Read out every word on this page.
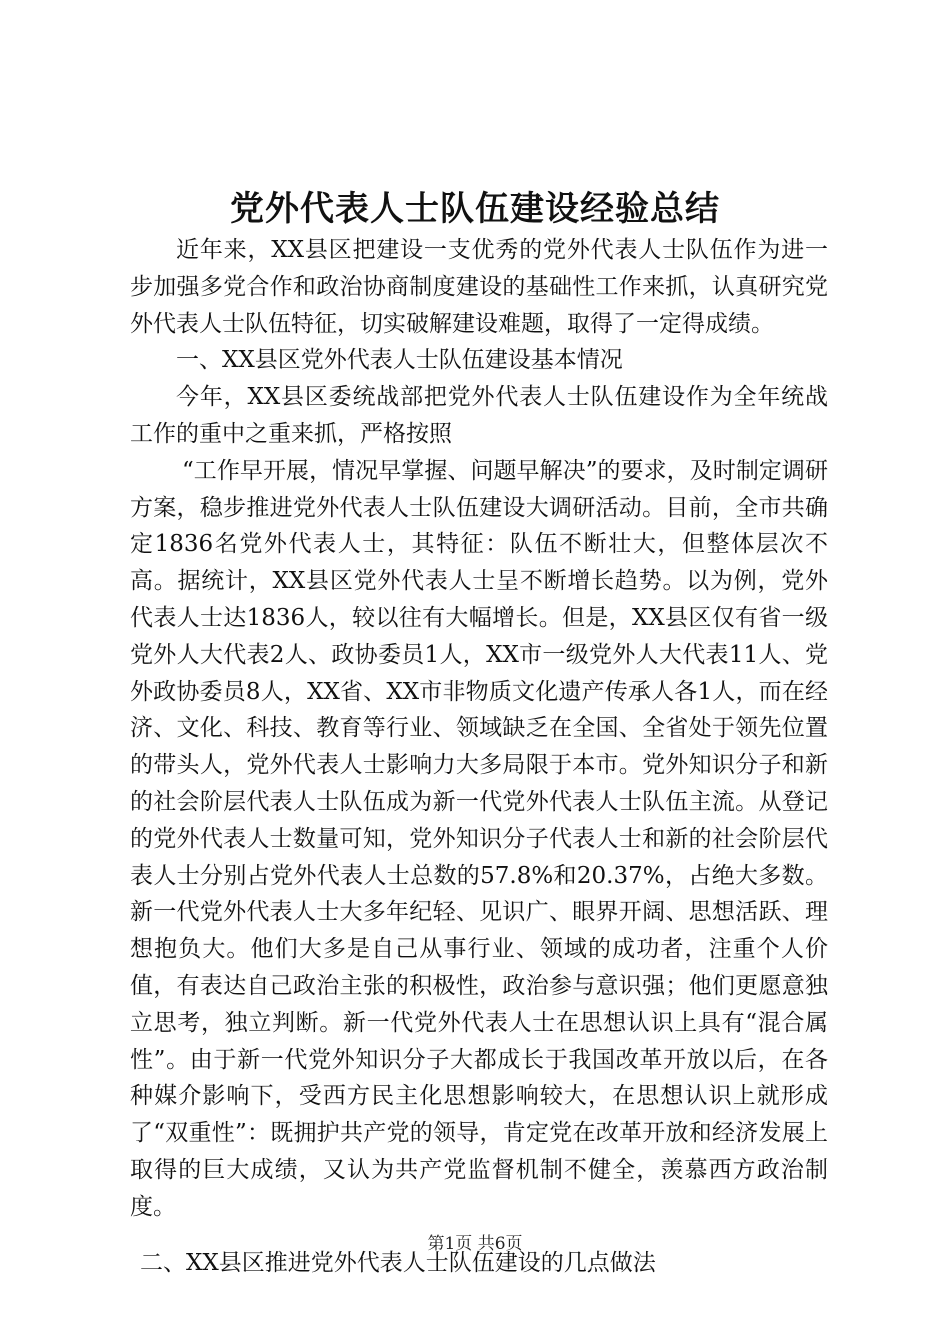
党外代表人士队伍建设经验总结

近年来，XX县区把建设一支优秀的党外代表人士队伍作为进一步加强多党合作和政治协商制度建设的基础性工作来抓，认真研究党外代表人士队伍特征，切实破解建设难题，取得了一定得成绩。

一、XX县区党外代表人士队伍建设基本情况

今年，XX县区委统战部把党外代表人士队伍建设作为全年统战工作的重中之重来抓，严格按照

“工作早开展，情况早掌握、问题早解决”的要求，及时制定调研方案，稳步推进党外代表人士队伍建设大调研活动。目前，全市共确定1836名党外代表人士，其特征：队伍不断壮大，但整体层次不高。据统计，XX县区党外代表人士呈不断增长趋势。以为例，党外代表人士达1836人，较以往有大幅增长。但是，XX县区仅有省一级党外人大代表2人、政协委员1人，XX市一级党外人大代表11人、党外政协委员8人，XX省、XX市非物质文化遗产传承人各1人，而在经济、文化、科技、教育等行业、领域缺乏在全国、全省处于领先位置的带头人，党外代表人士影响力大多局限于本市。党外知识分子和新的社会阶层代表人士队伍成为新一代党外代表人士队伍主流。从登记的党外代表人士数量可知，党外知识分子代表人士和新的社会阶层代表人士分别占党外代表人士总数的57.8%和20.37%，占绝大多数。新一代党外代表人士大多年纪轻、见识广、眼界开阔、思想活跃、理想抱负大。他们大多是自己从事行业、领域的成功者，注重个人价值，有表达自己政治主张的积极性，政治参与意识强；他们更愿意独立思考，独立判断。新一代党外代表人士在思想认识上具有“混合属性”。由于新一代党外知识分子大都成长于我国改革开放以后，在各种媒介影响下，受西方民主化思想影响较大，在思想认识上就形成了“双重性”：既拥护共产党的领导，肯定党在改革开放和经济发展上取得的巨大成绩，又认为共产党监督机制不健全，羡慕西方政治制度。

二、XX县区推进党外代表人士队伍建设的几点做法

第1页 共6页
